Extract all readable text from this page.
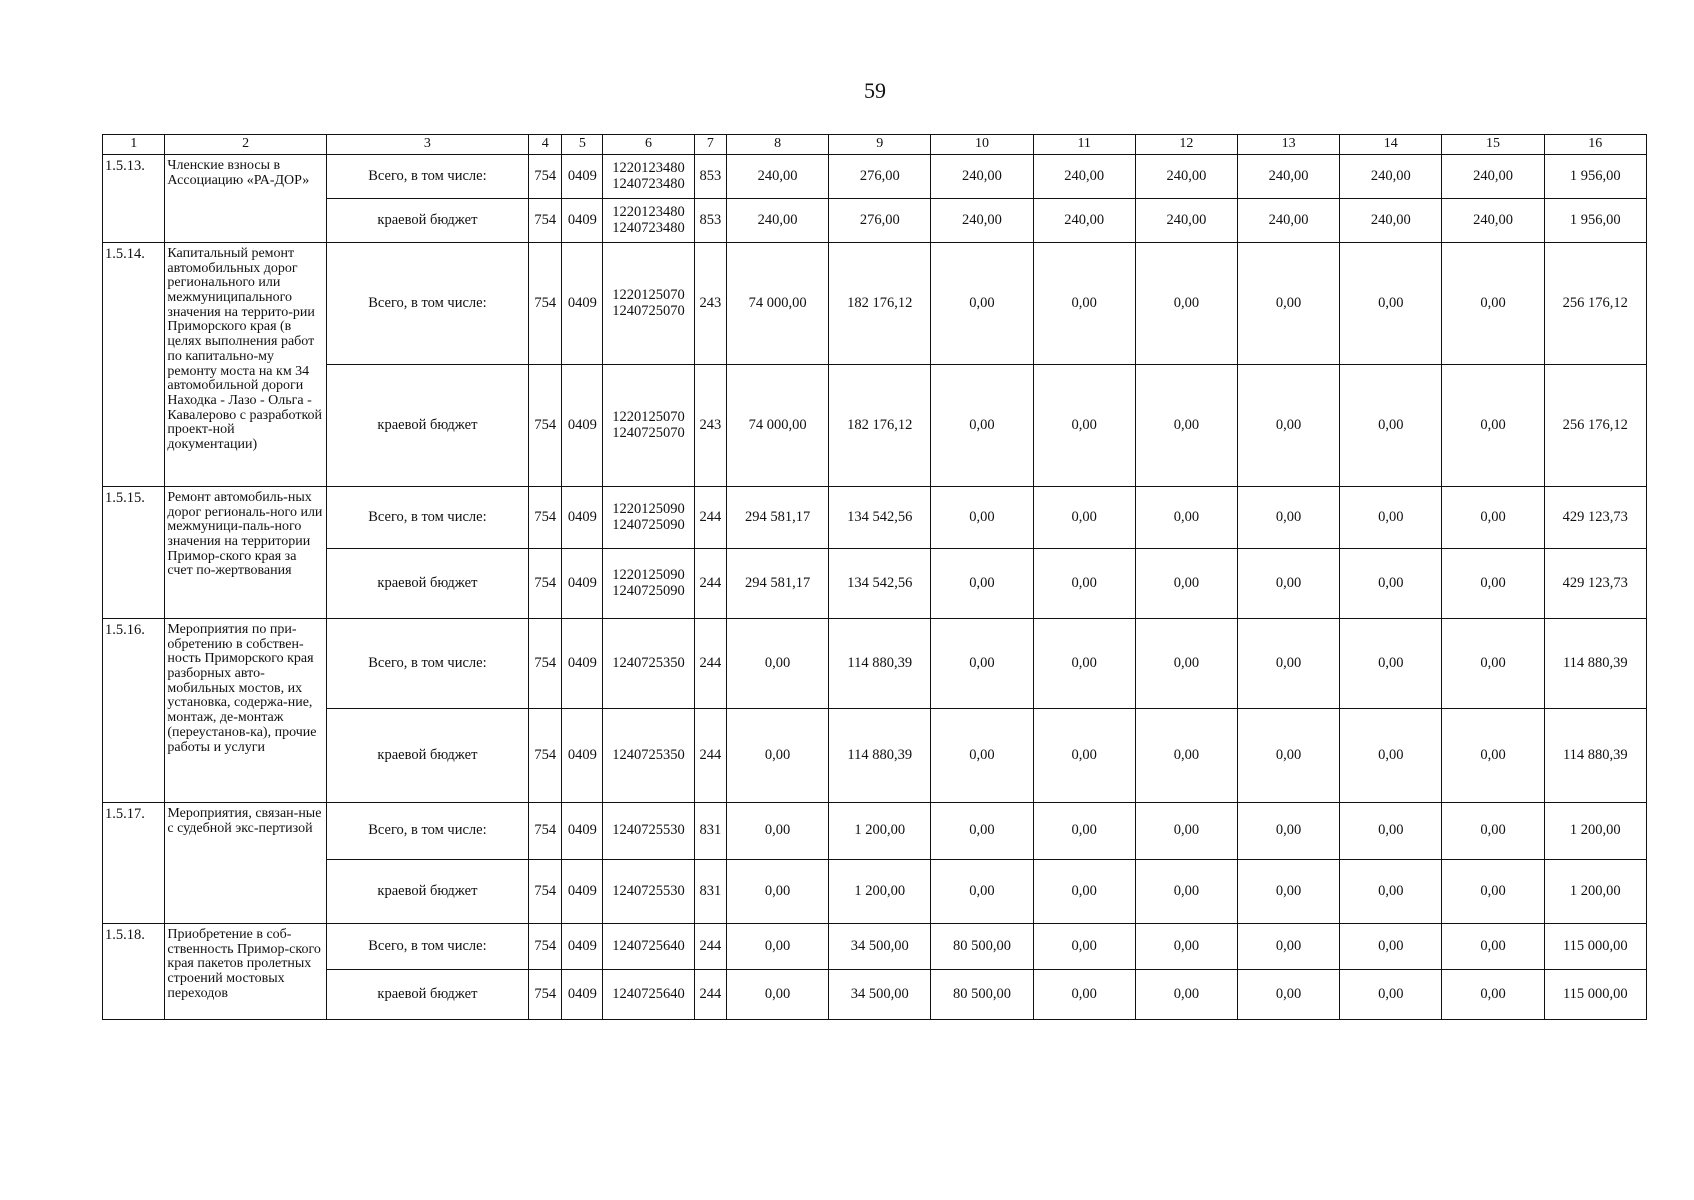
59
1	2	3	4	5	6	7	8	9	10	11	12	13	14	15	16
1.5.13.	Членские взносы в Ассоциацию «РА-ДОР»	Всего, в том числе:	754	0409	1220123480 1240723480	853	240,00	276,00	240,00	240,00	240,00	240,00	240,00	240,00	1 956,00
		краевой бюджет	754	0409	1220123480 1240723480	853	240,00	276,00	240,00	240,00	240,00	240,00	240,00	240,00	1 956,00
1.5.14.	Капитальный ремонт автомобильных дорог регионального или межмуниципального значения на террито-рии Приморского края (в целях выполнения работ по капитально-му ремонту моста на км 34 автомобильной дороги Находка - Лазо - Ольга - Кавалерово с разработкой проект-ной документации)	Всего, в том числе:	754	0409	1220125070 1240725070	243	74 000,00	182 176,12	0,00	0,00	0,00	0,00	0,00	0,00	256 176,12
		краевой бюджет	754	0409	1220125070 1240725070	243	74 000,00	182 176,12	0,00	0,00	0,00	0,00	0,00	0,00	256 176,12
1.5.15.	Ремонт автомобиль-ных дорог региональ-ного или межмуници-паль-ного значения на территории Примор-ского края за счет по-жертвования	Всего, в том числе:	754	0409	1220125090 1240725090	244	294 581,17	134 542,56	0,00	0,00	0,00	0,00	0,00	0,00	429 123,73
		краевой бюджет	754	0409	1220125090 1240725090	244	294 581,17	134 542,56	0,00	0,00	0,00	0,00	0,00	0,00	429 123,73
1.5.16.	Мероприятия по при-обретению в собствен-ность Приморского края разборных авто-мобильных мостов, их установка, содержа-ние, монтаж, де-монтаж (переустанов-ка), прочие работы и услуги	Всего, в том числе:	754	0409	1240725350	244	0,00	114 880,39	0,00	0,00	0,00	0,00	0,00	0,00	114 880,39
		краевой бюджет	754	0409	1240725350	244	0,00	114 880,39	0,00	0,00	0,00	0,00	0,00	0,00	114 880,39
1.5.17.	Мероприятия, связан-ные с судебной экс-пертизой	Всего, в том числе:	754	0409	1240725530	831	0,00	1 200,00	0,00	0,00	0,00	0,00	0,00	0,00	1 200,00
		краевой бюджет	754	0409	1240725530	831	0,00	1 200,00	0,00	0,00	0,00	0,00	0,00	0,00	1 200,00
1.5.18.	Приобретение в соб-ственность Примор-ского края пакетов пролетных строений мостовых переходов	Всего, в том числе:	754	0409	1240725640	244	0,00	34 500,00	80 500,00	0,00	0,00	0,00	0,00	0,00	115 000,00
		краевой бюджет	754	0409	1240725640	244	0,00	34 500,00	80 500,00	0,00	0,00	0,00	0,00	0,00	115 000,00
